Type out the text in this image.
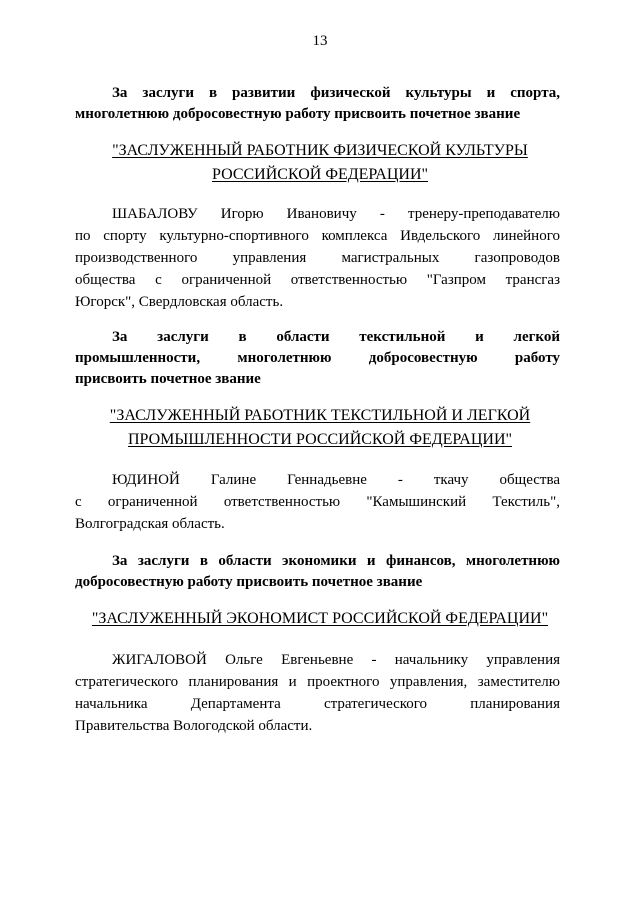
13
За заслуги в развитии физической культуры и спорта,
многолетнюю добросовестную работу присвоить почетное звание
"ЗАСЛУЖЕННЫЙ РАБОТНИК ФИЗИЧЕСКОЙ КУЛЬТУРЫ
РОССИЙСКОЙ ФЕДЕРАЦИИ"
ШАБАЛОВУ Игорю Ивановичу - тренеру-преподавателю
по спорту культурно-спортивного комплекса Ивдельского линейного
производственного управления магистральных газопроводов
общества с ограниченной ответственностью "Газпром трансгаз
Югорск", Свердловская область.
За заслуги в области текстильной и легкой
промышленности, многолетнюю добросовестную работу
присвоить почетное звание
"ЗАСЛУЖЕННЫЙ РАБОТНИК ТЕКСТИЛЬНОЙ И ЛЕГКОЙ
ПРОМЫШЛЕННОСТИ РОССИЙСКОЙ ФЕДЕРАЦИИ"
ЮДИНОЙ Галине Геннадьевне - ткачу общества
с ограниченной ответственностью "Камышинский Текстиль",
Волгоградская область.
За заслуги в области экономики и финансов, многолетнюю
добросовестную работу присвоить почетное звание
"ЗАСЛУЖЕННЫЙ ЭКОНОМИСТ РОССИЙСКОЙ ФЕДЕРАЦИИ"
ЖИГАЛОВОЙ Ольге Евгеньевне - начальнику управления
стратегического планирования и проектного управления, заместителю
начальника Департамента стратегического планирования
Правительства Вологодской области.
